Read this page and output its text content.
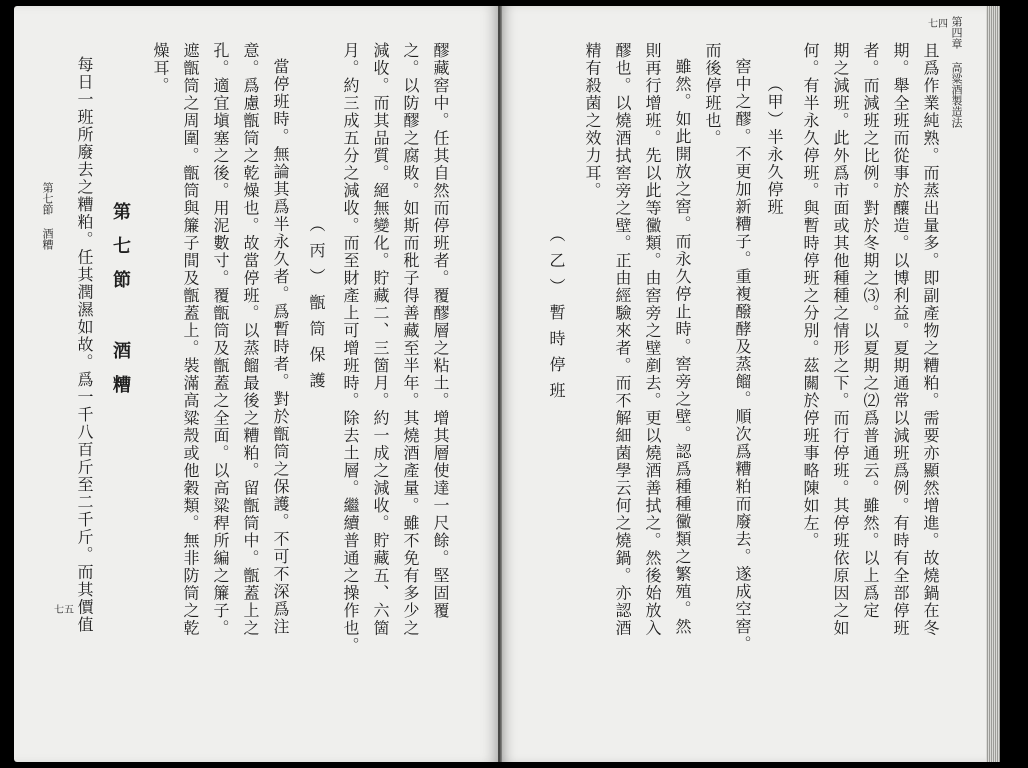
第四章 高粱酒製造法
七四
且爲作業純熟。而蒸出量多。即副產物之糟粕。需要亦顯然增進。故燒鍋在冬
期。舉全班而從事於釀造。以博利益。夏期通常以減班爲例。有時有全部停班
者。而減班之比例。對於冬期之⑶。以夏期之⑵爲普通云。雖然。以上爲定
期之減班。此外爲市面或其他種種之情形之下。而行停班。其停班依原因之如
何。有半永久停班。與暫時停班之分別。茲關於停班事略陳如左。
（甲）半永久停班
窖中之醪。不更加新糟子。重複醱酵及蒸餾。順次爲糟粕而廢去。遂成空窖。
而後停班也。
雖然。如此開放之窖。而永久停止時。窖旁之壁。認爲種種黴類之繁殖。然
則再行增班。先以此等黴類。由窖旁之壁剷去。更以燒酒善拭之。然後始放入
醪也。以燒酒拭窖旁之壁。正由經驗來者。而不解細菌學云何之燒鍋。亦認酒
精有殺菌之效力耳。
（乙）暫時停班
醪藏窖中。任其自然而停班者。覆醪層之粘土。增其層使達一尺餘。堅固覆
之。以防醪之腐敗。如斯而秕子得善藏至半年。其燒酒產量。雖不免有多少之
減收。而其品質。絕無變化。貯藏二、三箇月。約一成之減收。貯藏五、六箇
月。約三成五分之減收。而至財產上可增班時。除去土層。繼續普通之操作也。
（丙）甑筒保護
當停班時。無論其爲半永久者。爲暫時者。對於甑筒之保護。不可不深爲注
意。爲慮甑筒之乾燥也。故當停班。以蒸餾最後之糟粕。留甑筒中。甑蓋上之
孔。適宜塡塞之後。用泥數寸。覆甑筒及甑蓋之全面。以高粱稈所編之簾子。
遮甑筒之周圍。甑筒與簾子間及甑蓋上。裝滿高粱殼或他穀類。無非防筒之乾
燥耳。
第七節 酒糟
每日一班所廢去之糟粕。任其潤濕如故。爲一千八百斤至二千斤。而其價值
第七節 酒糟
七五
